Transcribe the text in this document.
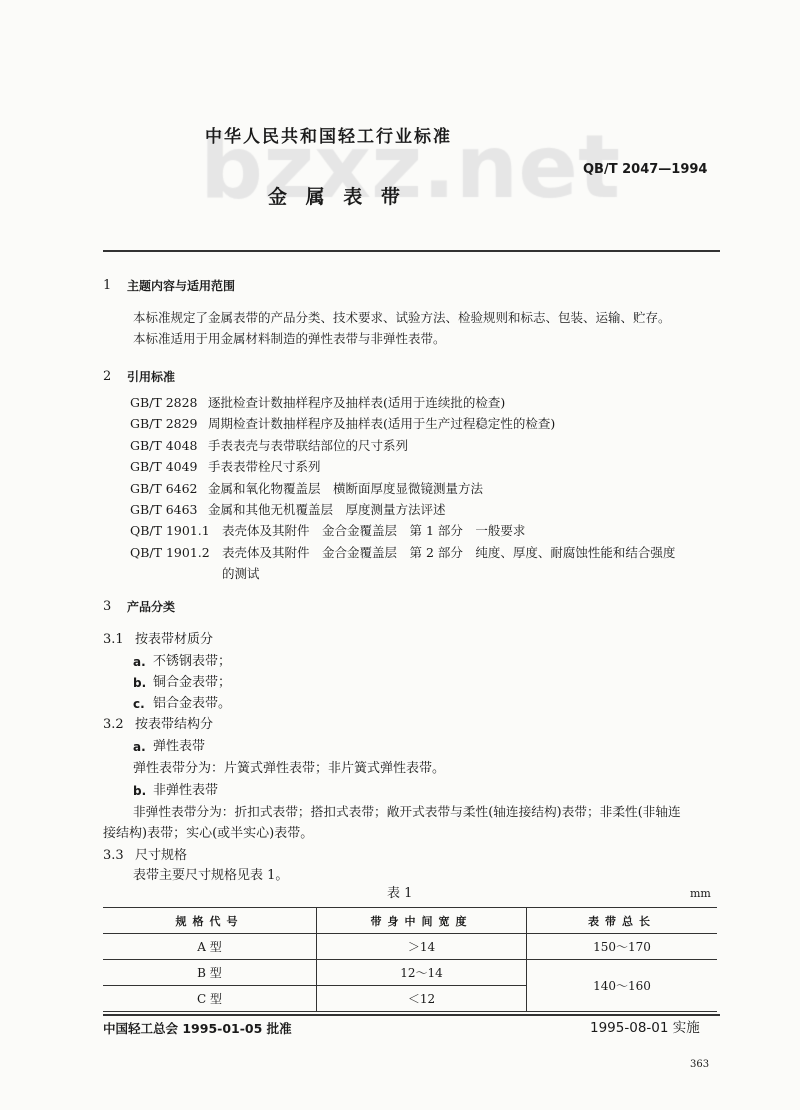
中华人民共和国轻工行业标准
QB/T 2047—1994
金 属 表 带
1 主题内容与适用范围
本标准规定了金属表带的产品分类、技术要求、试验方法、检验规则和标志、包装、运输、贮存。
本标准适用于用金属材料制造的弹性表带与非弹性表带。
2 引用标准
GB/T 2828 逐批检查计数抽样程序及抽样表(适用于连续批的检查)
GB/T 2829 周期检查计数抽样程序及抽样表(适用于生产过程稳定性的检查)
GB/T 4048 手表表壳与表带联结部位的尺寸系列
GB/T 4049 手表表带栓尺寸系列
GB/T 6462 金属和氧化物覆盖层　横断面厚度显微镜测量方法
GB/T 6463 金属和其他无机覆盖层　厚度测量方法评述
QB/T 1901.1 表壳体及其附件　金合金覆盖层　第 1 部分　一般要求
QB/T 1901.2 表壳体及其附件　金合金覆盖层　第 2 部分　纯度、厚度、耐腐蚀性能和结合强度
的测试
3 产品分类
3.1 按表带材质分
a. 不锈钢表带；
b. 铜合金表带；
c. 铝合金表带。
3.2 按表带结构分
a. 弹性表带
弹性表带分为：片簧式弹性表带；非片簧式弹性表带。
b. 非弹性表带
非弹性表带分为：折扣式表带；搭扣式表带；敞开式表带与柔性(轴连接结构)表带；非柔性(非轴连
接结构)表带；实心(或半实心)表带。
3.3 尺寸规格
表带主要尺寸规格见表 1。
表 1	mm
规格代号	带身中间宽度	表带总长
A 型	＞14	150～170
B 型	12～14	140～160
C 型	＜12	
中国轻工总会 1995-01-05 批准	1995-08-01 实施
363
